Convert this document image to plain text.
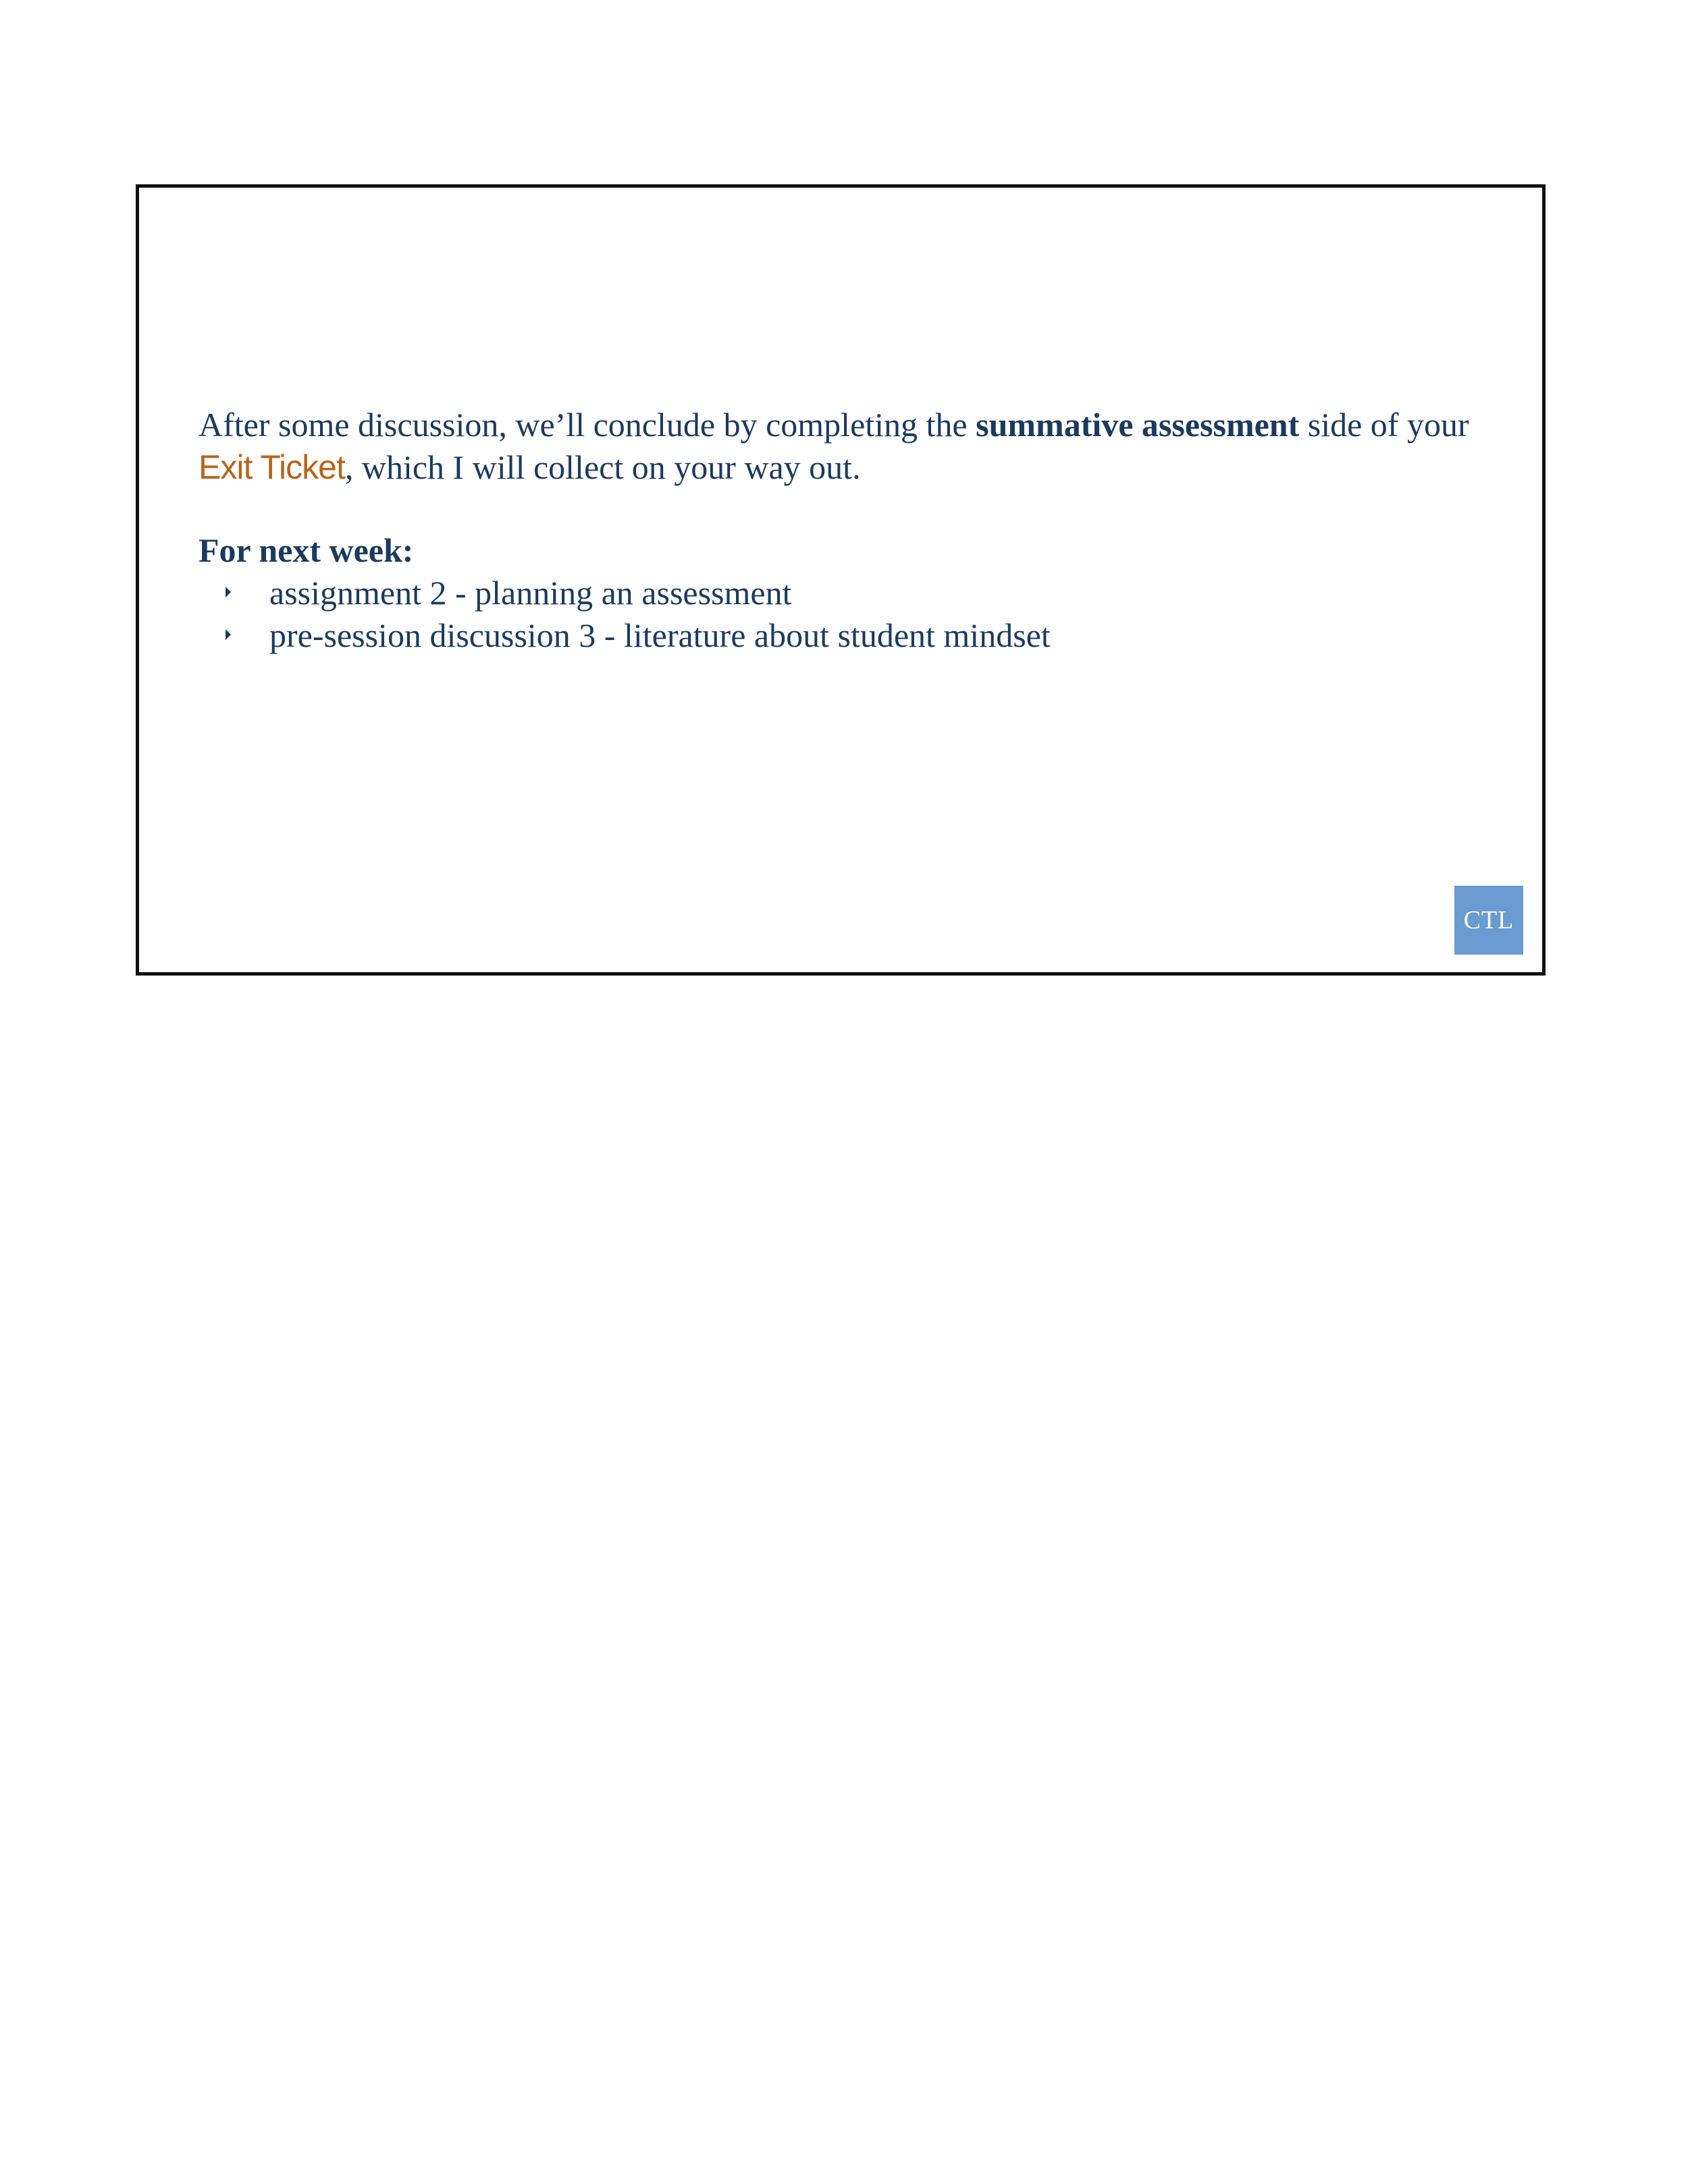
After some discussion, we’ll conclude by completing the summative assessment side of your Exit Ticket, which I will collect on your way out.

For next week:

assignment 2 - planning an assessment
pre-session discussion 3 - literature about student mindset
CTL
